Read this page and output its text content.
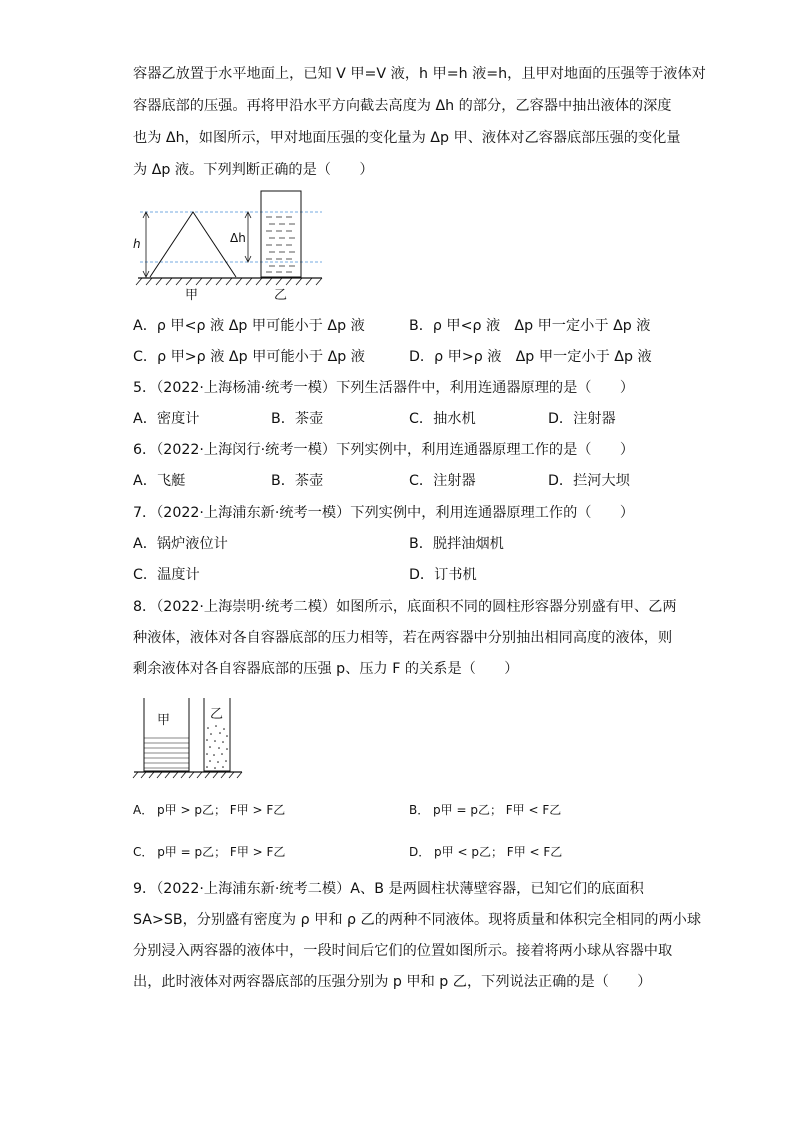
容器乙放置于水平地面上，已知 V 甲=V 液，h 甲=h 液=h，且甲对地面的压强等于液体对
容器底部的压强。再将甲沿水平方向截去高度为 Δh 的部分，乙容器中抽出液体的深度
也为 Δh，如图所示，甲对地面压强的变化量为 Δp 甲、液体对乙容器底部压强的变化量
为 Δp 液。下列判断正确的是（　　）
h	Δh
甲	乙
A．ρ 甲<ρ 液 Δp 甲可能小于 Δp 液	B．ρ 甲<ρ 液　Δp 甲一定小于 Δp 液
C．ρ 甲>ρ 液 Δp 甲可能小于 Δp 液	D．ρ 甲>ρ 液　Δp 甲一定小于 Δp 液
5．（2022·上海杨浦·统考一模）下列生活器件中，利用连通器原理的是（　　）
A．密度计	B．茶壶	C．抽水机	D．注射器
6．（2022·上海闵行·统考一模）下列实例中，利用连通器原理工作的是（　　）
A．飞艇	B．茶壶	C．注射器	D．拦河大坝
7．（2022·上海浦东新·统考一模）下列实例中，利用连通器原理工作的（　　）
A．锅炉液位计	B．脱拌油烟机
C．温度计	D．订书机
8．（2022·上海崇明·统考二模）如图所示，底面积不同的圆柱形容器分别盛有甲、乙两
种液体，液体对各自容器底部的压力相等，若在两容器中分别抽出相同高度的液体，则
剩余液体对各自容器底部的压强 p、压力 F 的关系是（　　）
甲	乙
A． p甲 > p乙； F甲 > F乙	B． p甲 = p乙； F甲 < F乙
C． p甲 = p乙； F甲 > F乙	D． p甲 < p乙； F甲 < F乙
9．（2022·上海浦东新·统考二模）A、B 是两圆柱状薄壁容器，已知它们的底面积
SA>SB，分别盛有密度为 ρ 甲和 ρ 乙的两种不同液体。现将质量和体积完全相同的两小球
分别浸入两容器的液体中，一段时间后它们的位置如图所示。接着将两小球从容器中取
出，此时液体对两容器底部的压强分别为 p 甲和 p 乙，下列说法正确的是（　　）
